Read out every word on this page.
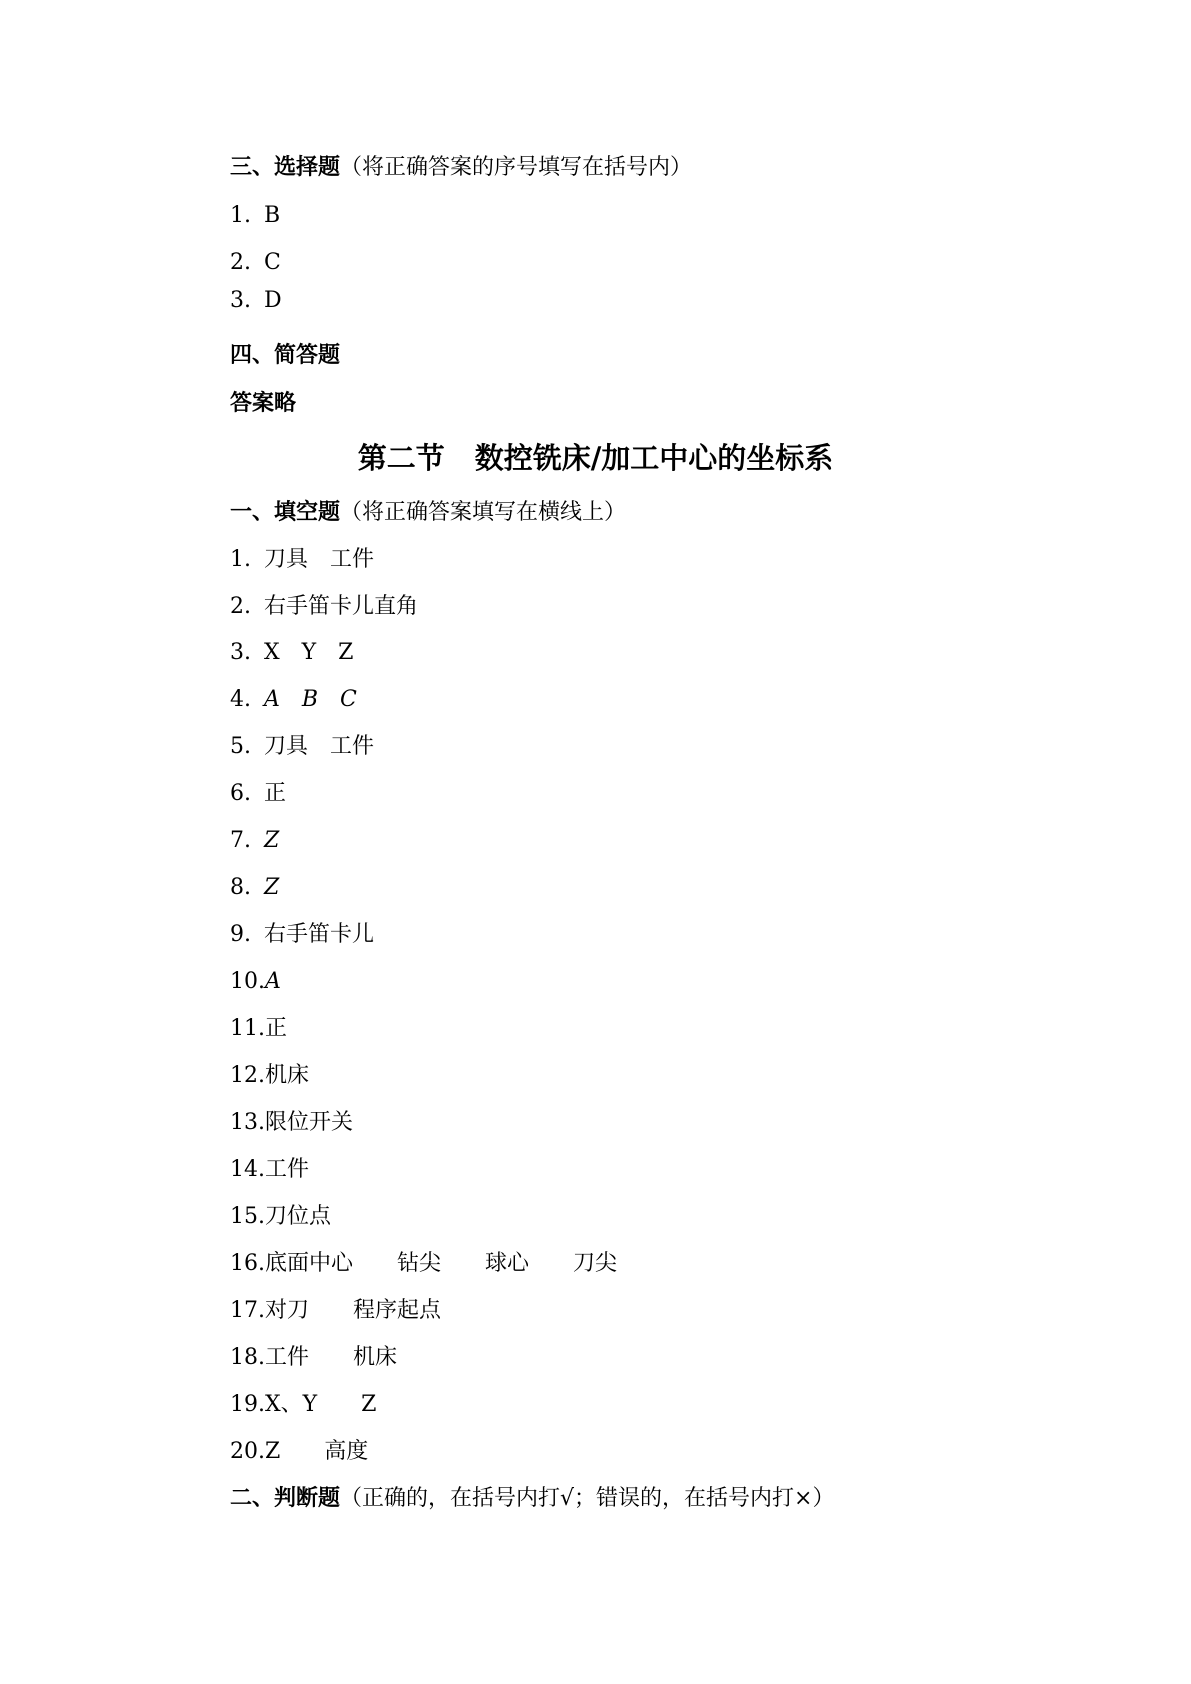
三、选择题（将正确答案的序号填写在括号内）
1. B
2. C
3. D
四、简答题
答案略
第二节 数控铣床/加工中心的坐标系
一、填空题（将正确答案填写在横线上）
1. 刀具　工件
2. 右手笛卡儿直角
3. X　Y　Z
4. A　B　C
5. 刀具　工件
6. 正
7. Z
8. Z
9. 右手笛卡儿
10.A
11.正
12.机床
13.限位开关
14.工件
15.刀位点
16.底面中心　　钻尖　　球心　　刀尖
17.对刀　　程序起点
18.工件　　机床
19.X、Y　　Z
20.Z　　高度
二、判断题（正确的，在括号内打√；错误的，在括号内打×）
